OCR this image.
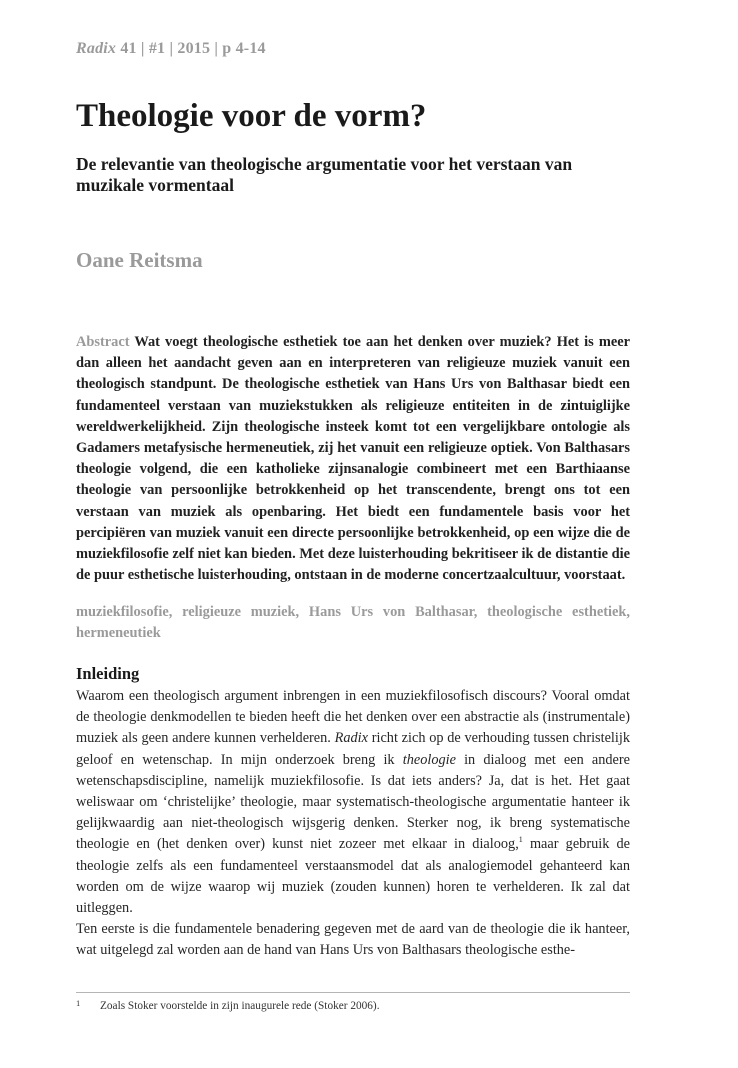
Radix 41 | #1 | 2015 | p 4-14
Theologie voor de vorm?
De relevantie van theologische argumentatie voor het verstaan van muzikale vormentaal
Oane Reitsma

Abstract Wat voegt theologische esthetiek toe aan het denken over muziek? Het is meer dan alleen het aandacht geven aan en interpreteren van religieuze muziek vanuit een theologisch standpunt. De theologische esthetiek van Hans Urs von Balthasar biedt een fundamenteel verstaan van muziekstukken als religieuze entiteiten in de zintuiglijke wereldwerkelijkheid. Zijn theologische insteek komt tot een vergelijkbare ontologie als Gadamers metafysische hermeneutiek, zij het vanuit een religieuze optiek. Von Balthasars theologie volgend, die een katholieke zijnsanalogie combineert met een Barthiaanse theologie van persoonlijke betrokkenheid op het transcendente, brengt ons tot een verstaan van muziek als openbaring. Het biedt een fundamentele basis voor het percipiëren van muziek vanuit een directe persoonlijke betrokkenheid, op een wijze die de muziekfilosofie zelf niet kan bieden. Met deze luisterhouding bekritiseer ik de distantie die de puur esthetische luisterhouding, ontstaan in de moderne concertzaalcultuur, voorstaat.

muziekfilosofie, religieuze muziek, Hans Urs von Balthasar, theologische esthetiek, hermeneutiek

Inleiding

Waarom een theologisch argument inbrengen in een muziekfilosofisch discours? Vooral omdat de theologie denkmodellen te bieden heeft die het denken over een abstractie als (instrumentale) muziek als geen andere kunnen verhelderen. Radix richt zich op de verhouding tussen christelijk geloof en wetenschap. In mijn onderzoek breng ik theologie in dialoog met een andere wetenschapsdiscipline, namelijk muziekfilosofie. Is dat iets anders? Ja, dat is het. Het gaat weliswaar om ‘christelijke’ theologie, maar systematisch-theologische argumentatie hanteer ik gelijkwaardig aan niet-theologisch wijsgerig denken. Sterker nog, ik breng systematische theologie en (het denken over) kunst niet zozeer met elkaar in dialoog,$^1$ maar gebruik de theologie zelfs als een fundamenteel verstaansmodel dat als analogiemodel gehanteerd kan worden om de wijze waarop wij muziek (zouden kunnen) horen te verhelderen. Ik zal dat uitleggen.

Ten eerste is die fundamentele benadering gegeven met de aard van de theologie die ik hanteer, wat uitgelegd zal worden aan de hand van Hans Urs von Balthasars theologische esthe-

1 Zoals Stoker voorstelde in zijn inaugurele rede (Stoker 2006).
